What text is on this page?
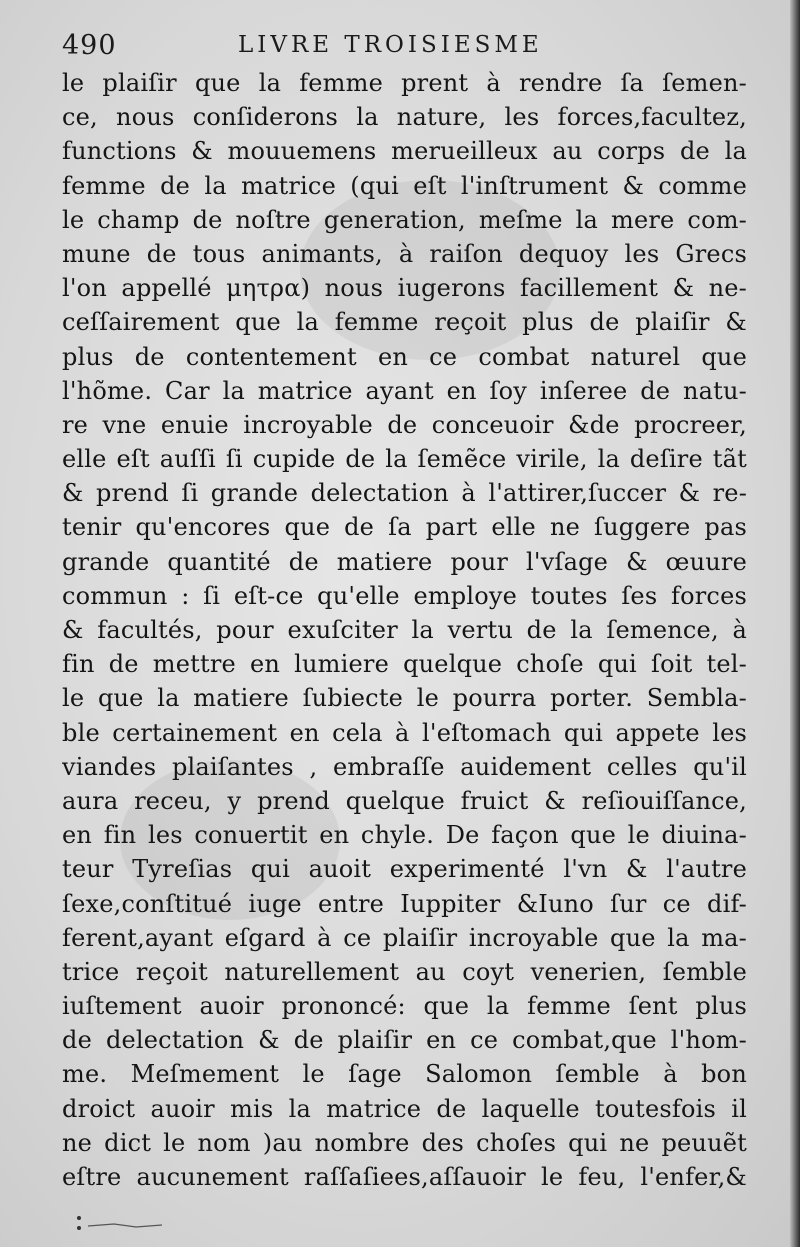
490	LIVRE TROISIESME
le plaiſir que la femme prent à rendre ſa ſemen-
ce, nous conſiderons la nature, les forces,facultez,
functions & mouuemens merueilleux au corps de la
femme de la matrice (qui eſt l'inſtrument & comme
le champ de noſtre generation, meſme la mere com-
mune de tous animants, à raiſon dequoy les Grecs
l'on appellé μητρα) nous iugerons facillement & ne-
ceſſairement que la femme reçoit plus de plaiſir &
plus de contentement en ce combat naturel que
l'hõme. Car la matrice ayant en ſoy inſeree de natu-
re vne enuie incroyable de conceuoir &de procreer,
elle eſt auſſi ſi cupide de la ſemẽce virile, la deſire tãt
& prend ſi grande delectation à l'attirer,ſuccer & re-
tenir qu'encores que de ſa part elle ne ſuggere pas
grande quantité de matiere pour l'vſage & œuure
commun : ſi eſt-ce qu'elle employe toutes ſes forces
& facultés, pour exuſciter la vertu de la ſemence, à
fin de mettre en lumiere quelque choſe qui ſoit tel-
le que la matiere ſubiecte le pourra porter. Sembla-
ble certainement en cela à l'eſtomach qui appete les
viandes plaiſantes , embraſſe auidement celles qu'il
aura receu, y prend quelque fruict & reſiouiſſance,
en fin les conuertit en chyle. De façon que le diuina-
teur Tyreſias qui auoit experimenté l'vn & l'autre
ſexe,conſtitué iuge entre Iuppiter &Iuno ſur ce dif-
ferent,ayant eſgard à ce plaiſir incroyable que la ma-
trice reçoit naturellement au coyt venerien, ſemble
iuſtement auoir prononcé: que la femme ſent plus
de delectation & de plaiſir en ce combat,que l'hom-
me. Meſmement le ſage Salomon ſemble à bon
droict auoir mis la matrice de laquelle toutesfois il
ne dict le nom )au nombre des choſes qui ne peuuẽt
eſtre aucunement raſſaſiees,aſſauoir le feu, l'enfer,&
